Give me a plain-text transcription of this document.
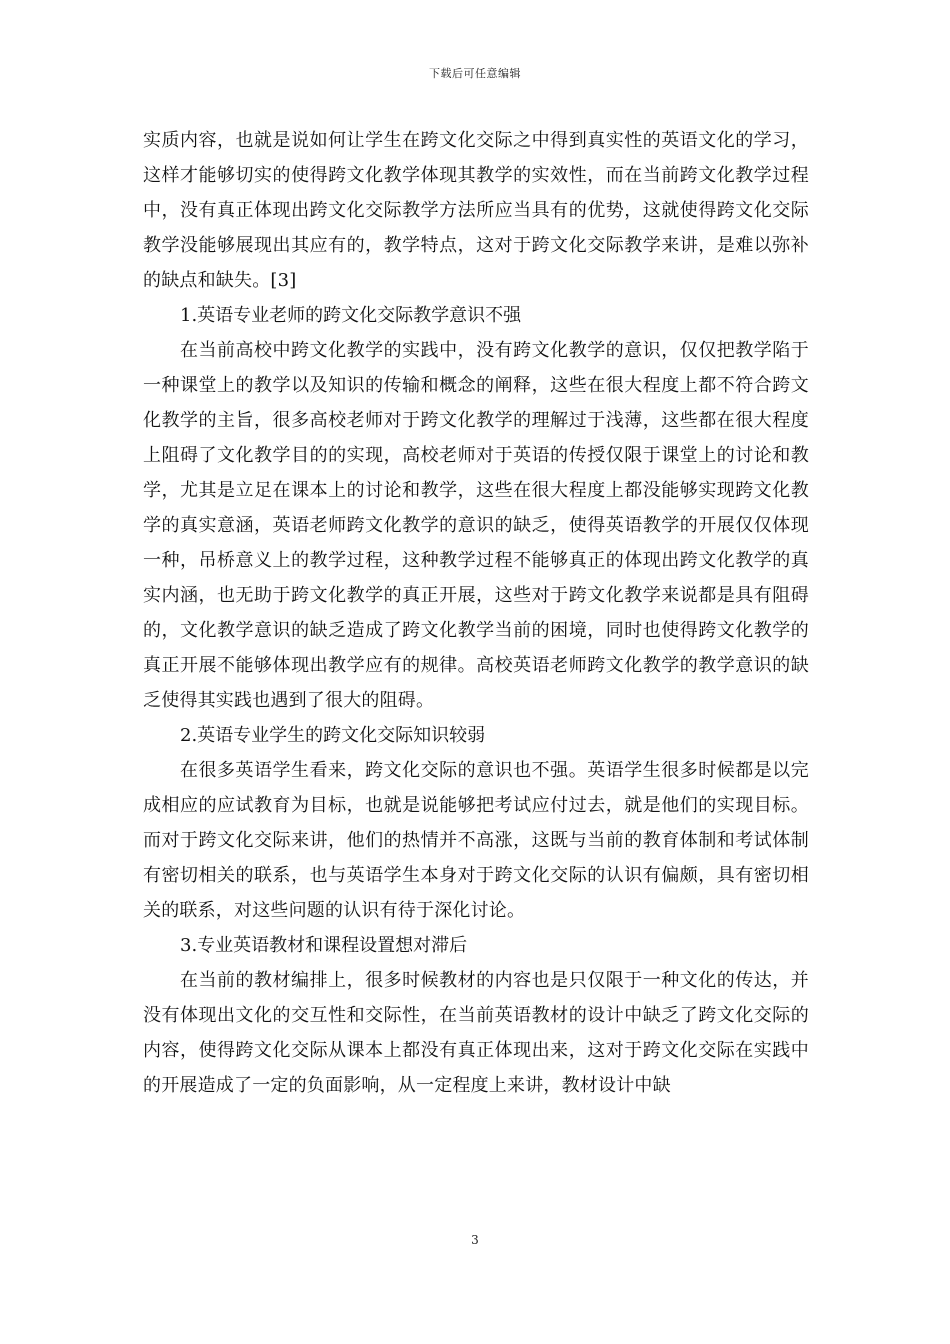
下载后可任意编辑

实质内容，也就是说如何让学生在跨文化交际之中得到真实性的英语文化的学习，这样才能够切实的使得跨文化教学体现其教学的实效性，而在当前跨文化教学过程中，没有真正体现出跨文化交际教学方法所应当具有的优势，这就使得跨文化交际教学没能够展现出其应有的，教学特点，这对于跨文化交际教学来讲，是难以弥补的缺点和缺失。[3]

1.英语专业老师的跨文化交际教学意识不强

在当前高校中跨文化教学的实践中，没有跨文化教学的意识，仅仅把教学陷于一种课堂上的教学以及知识的传输和概念的阐释，这些在很大程度上都不符合跨文化教学的主旨，很多高校老师对于跨文化教学的理解过于浅薄，这些都在很大程度上阻碍了文化教学目的的实现，高校老师对于英语的传授仅限于课堂上的讨论和教学，尤其是立足在课本上的讨论和教学，这些在很大程度上都没能够实现跨文化教学的真实意涵，英语老师跨文化教学的意识的缺乏，使得英语教学的开展仅仅体现一种，吊桥意义上的教学过程，这种教学过程不能够真正的体现出跨文化教学的真实内涵，也无助于跨文化教学的真正开展，这些对于跨文化教学来说都是具有阻碍的，文化教学意识的缺乏造成了跨文化教学当前的困境，同时也使得跨文化教学的真正开展不能够体现出教学应有的规律。高校英语老师跨文化教学的教学意识的缺乏使得其实践也遇到了很大的阻碍。

2.英语专业学生的跨文化交际知识较弱

在很多英语学生看来，跨文化交际的意识也不强。英语学生很多时候都是以完成相应的应试教育为目标，也就是说能够把考试应付过去，就是他们的实现目标。而对于跨文化交际来讲，他们的热情并不高涨，这既与当前的教育体制和考试体制有密切相关的联系，也与英语学生本身对于跨文化交际的认识有偏颇，具有密切相关的联系，对这些问题的认识有待于深化讨论。

3.专业英语教材和课程设置想对滞后

在当前的教材编排上，很多时候教材的内容也是只仅限于一种文化的传达，并没有体现出文化的交互性和交际性，在当前英语教材的设计中缺乏了跨文化交际的内容，使得跨文化交际从课本上都没有真正体现出来，这对于跨文化交际在实践中的开展造成了一定的负面影响，从一定程度上来讲，教材设计中缺

3
